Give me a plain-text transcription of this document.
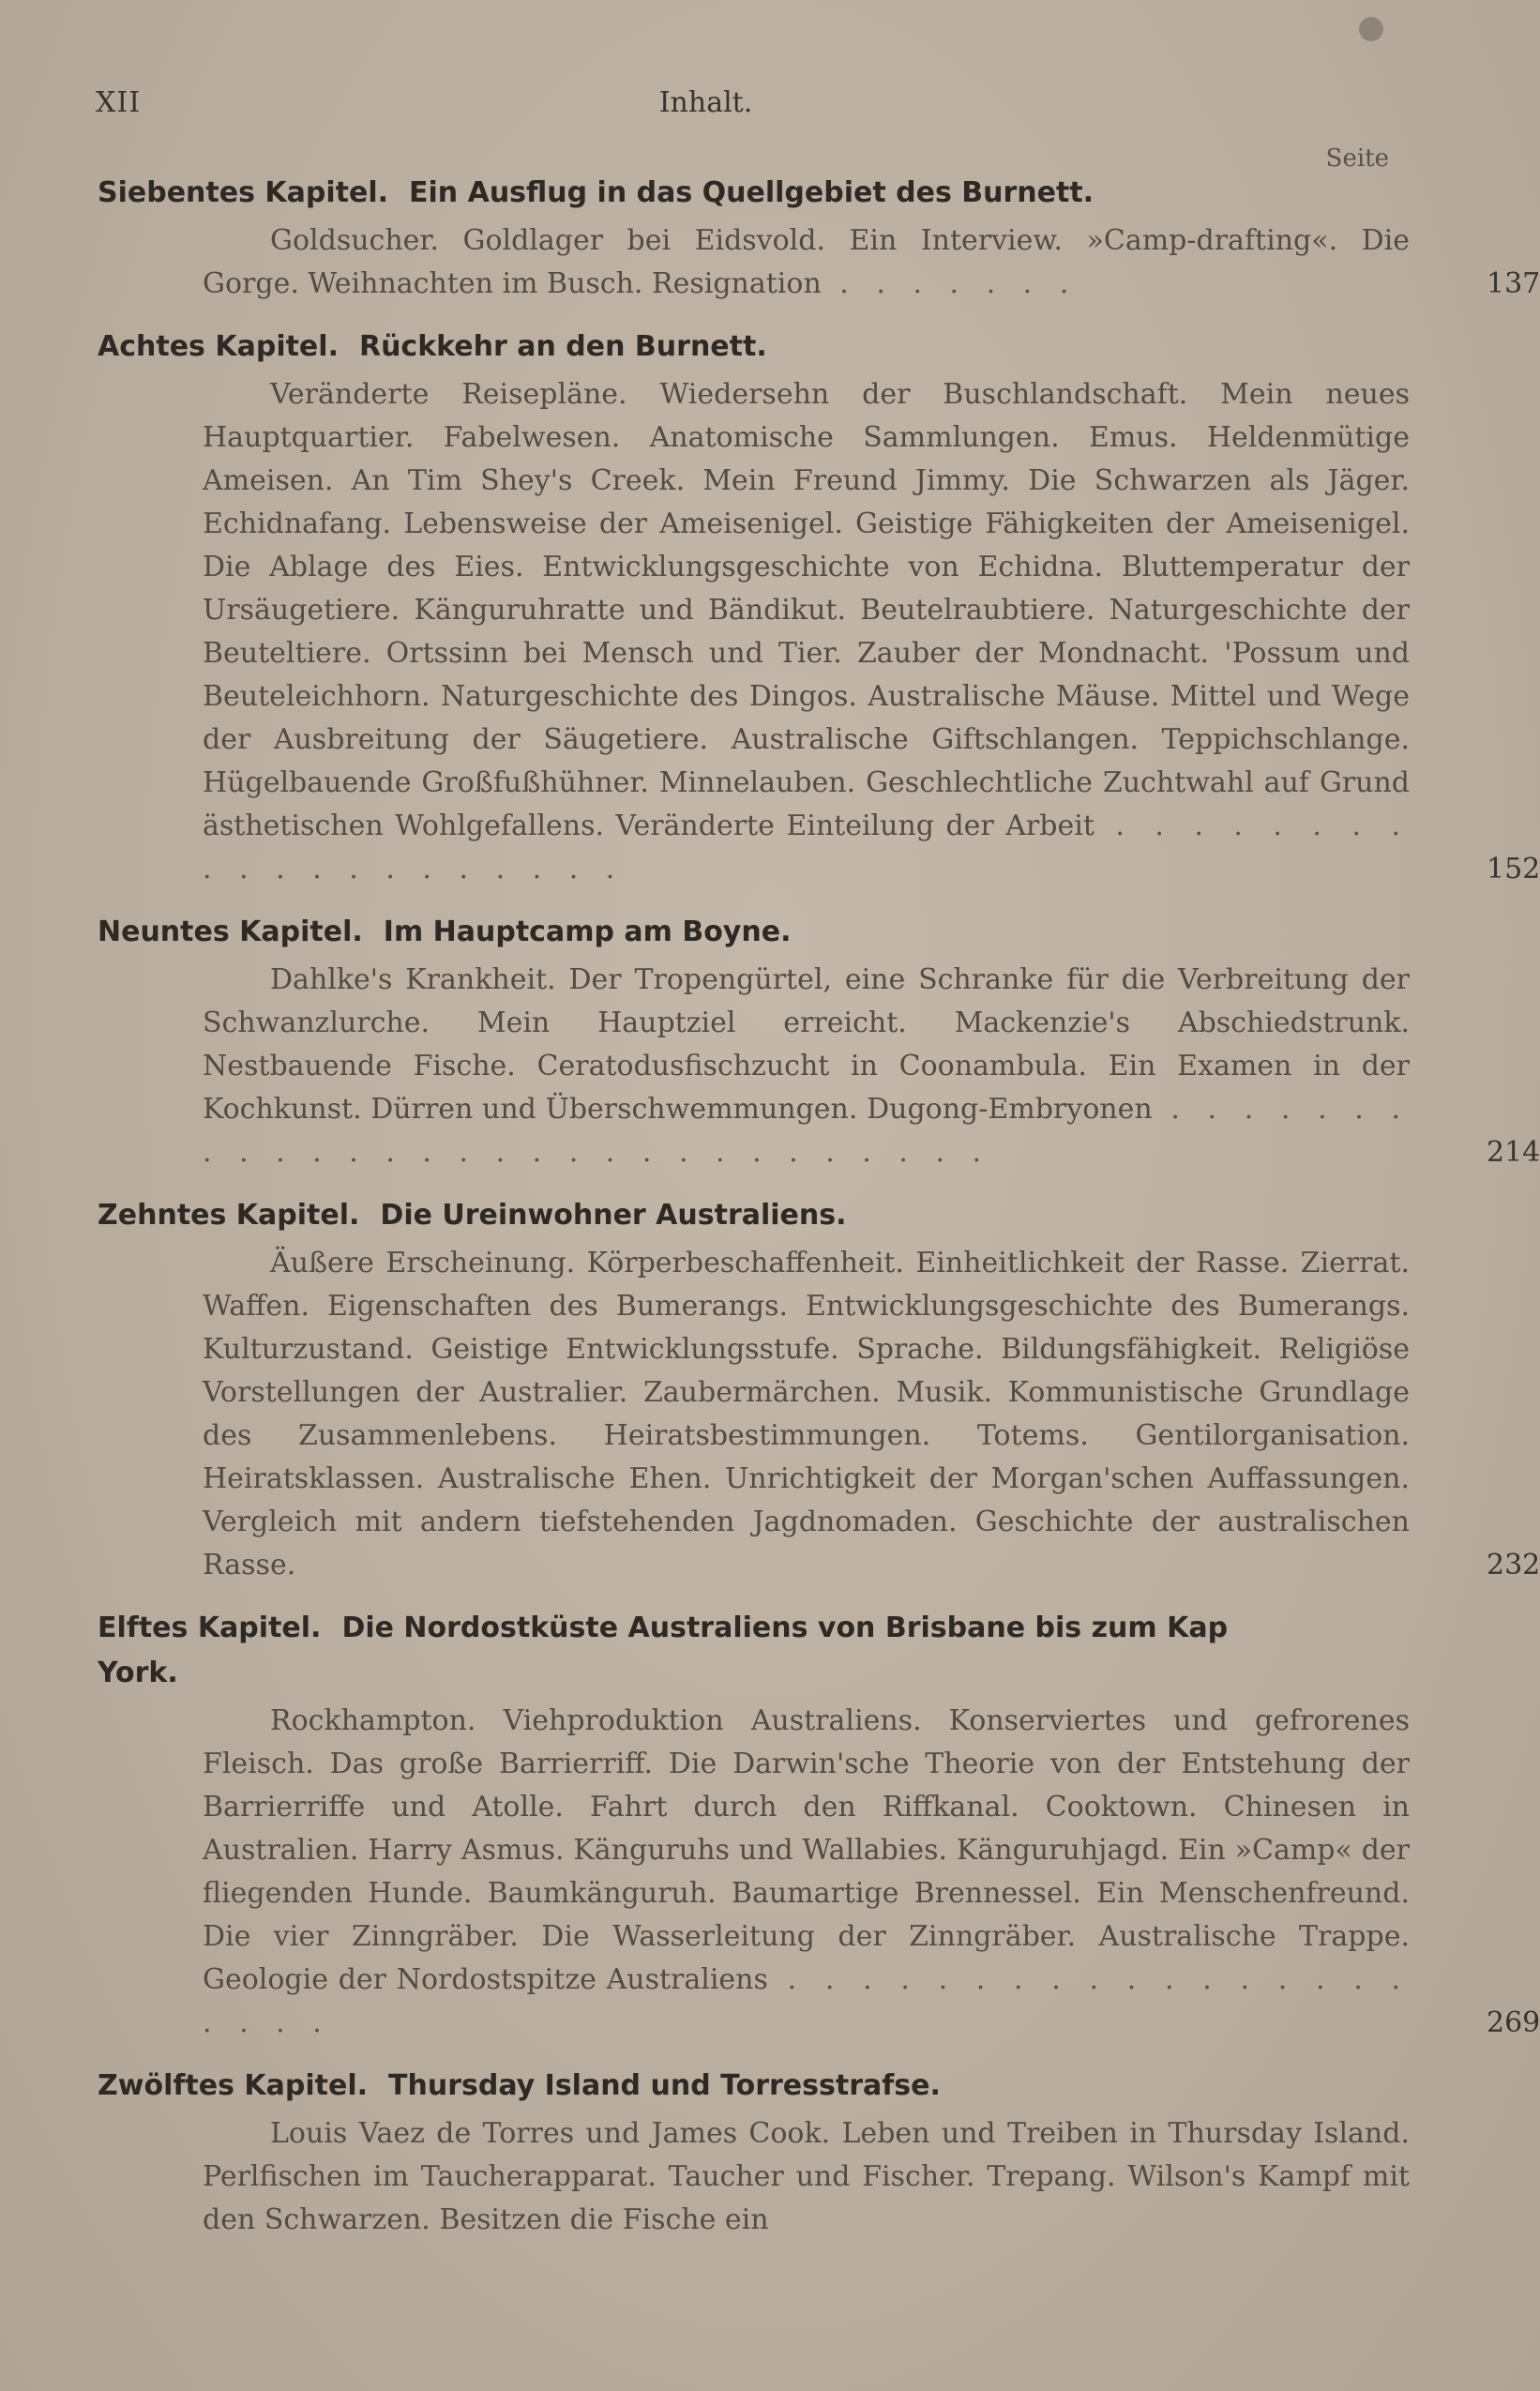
XII	Inhalt.
Seite
Siebentes Kapitel. Ein Ausflug in das Quellgebiet des Burnett.
Goldsucher. Goldlager bei Eidsvold. Ein Interview. »Camp-drafting«. Die Gorge. Weihnachten im Busch. Resignation . . . . . . .	137
Achtes Kapitel. Rückkehr an den Burnett.
Veränderte Reisepläne. Wiedersehn der Buschlandschaft. Mein neues Hauptquartier. Fabelwesen. Anatomische Sammlungen. Emus. Heldenmütige Ameisen. An Tim Shey's Creek. Mein Freund Jimmy. Die Schwarzen als Jäger. Echidnafang. Lebensweise der Ameisenigel. Geistige Fähigkeiten der Ameisenigel. Die Ablage des Eies. Entwicklungsgeschichte von Echidna. Bluttemperatur der Ursäugetiere. Känguruhratte und Bändikut. Beutelraubtiere. Naturgeschichte der Beuteltiere. Ortssinn bei Mensch und Tier. Zauber der Mondnacht. 'Possum und Beuteleichhorn. Naturgeschichte des Dingos. Australische Mäuse. Mittel und Wege der Ausbreitung der Säugetiere. Australische Giftschlangen. Teppichschlange. Hügelbauende Großfußhühner. Minnelauben. Geschlechtliche Zuchtwahl auf Grund ästhetischen Wohlgefallens. Veränderte Einteilung der Arbeit . . . . . . . . . . . . . . . . . . . .	152
Neuntes Kapitel. Im Hauptcamp am Boyne.
Dahlke's Krankheit. Der Tropengürtel, eine Schranke für die Verbreitung der Schwanzlurche. Mein Hauptziel erreicht. Mackenzie's Abschiedstrunk. Nestbauende Fische. Ceratodusfischzucht in Coonambula. Ein Examen in der Kochkunst. Dürren und Überschwemmungen. Dugong-Embryonen . . . . . . . . . . . . . . . . . . . . . . . . . . . . .	214
Zehntes Kapitel. Die Ureinwohner Australiens.
Äußere Erscheinung. Körperbeschaffenheit. Einheitlichkeit der Rasse. Zierrat. Waffen. Eigenschaften des Bumerangs. Entwicklungsgeschichte des Bumerangs. Kulturzustand. Geistige Entwicklungsstufe. Sprache. Bildungsfähigkeit. Religiöse Vorstellungen der Australier. Zaubermärchen. Musik. Kommunistische Grundlage des Zusammenlebens. Heiratsbestimmungen. Totems. Gentilorganisation. Heiratsklassen. Australische Ehen. Unrichtigkeit der Morgan'schen Auffassungen. Vergleich mit andern tiefstehenden Jagdnomaden. Geschichte der australischen Rasse.	232
Elftes Kapitel. Die Nordostküste Australiens von Brisbane bis zum Kap York.
Rockhampton. Viehproduktion Australiens. Konserviertes und gefrorenes Fleisch. Das große Barrierriff. Die Darwin'sche Theorie von der Entstehung der Barrierriffe und Atolle. Fahrt durch den Riffkanal. Cooktown. Chinesen in Australien. Harry Asmus. Känguruhs und Wallabies. Känguruhjagd. Ein »Camp« der fliegenden Hunde. Baumkänguruh. Baumartige Brennessel. Ein Menschenfreund. Die vier Zinngräber. Die Wasserleitung der Zinngräber. Australische Trappe. Geologie der Nordostspitze Australiens . . . . . . . . . . . . . . . . . . . . .	269
Zwölftes Kapitel. Thursday Island und Torresstrafse.
Louis Vaez de Torres und James Cook. Leben und Treiben in Thursday Island. Perlfischen im Taucherapparat. Taucher und Fischer. Trepang. Wilson's Kampf mit den Schwarzen. Besitzen die Fische ein
